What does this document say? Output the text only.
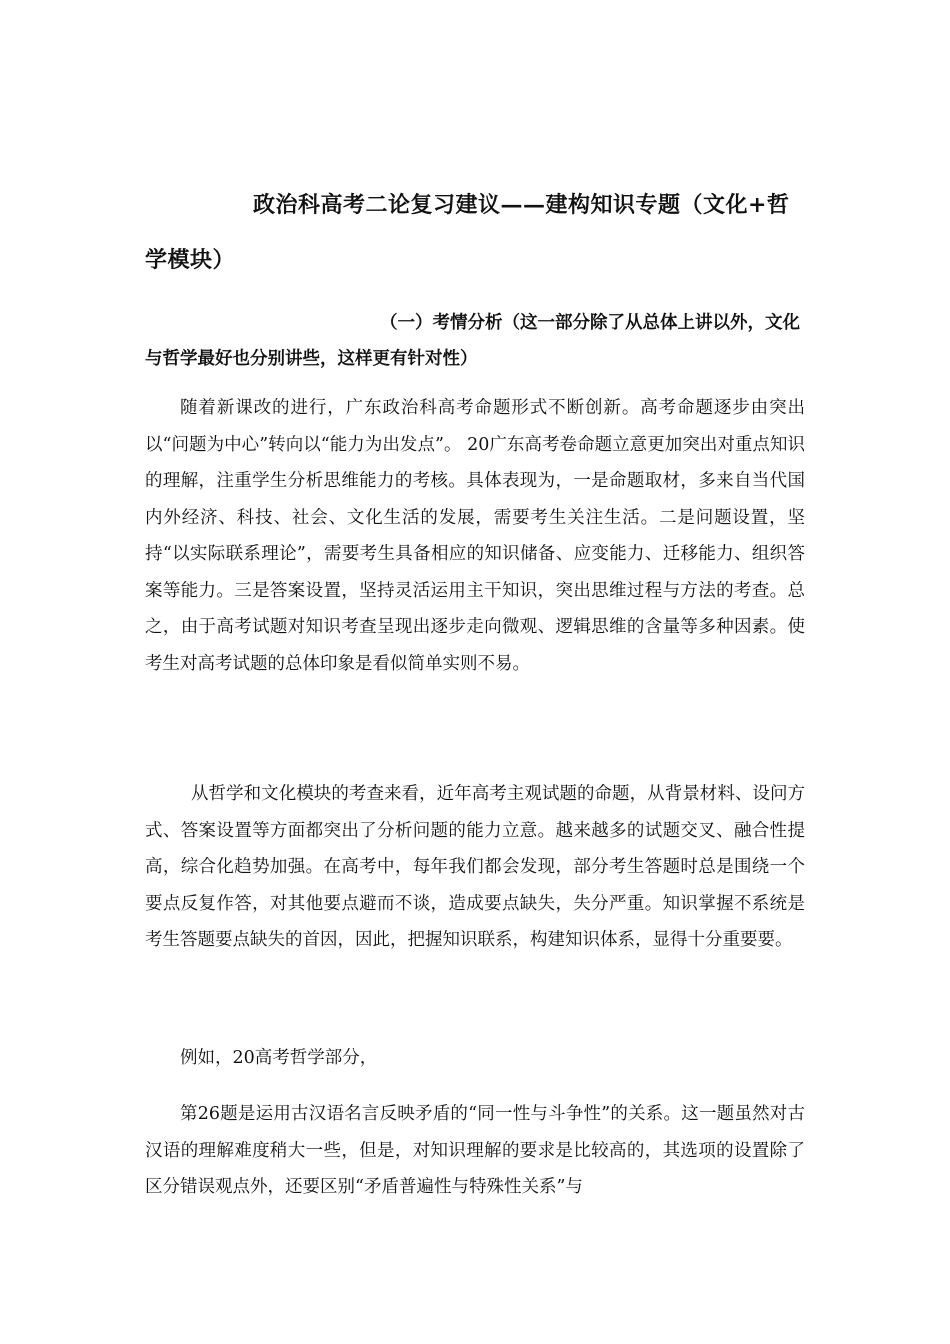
政治科高考二论复习建议——建构知识专题（文化+哲学模块）
（一）考情分析（这一部分除了从总体上讲以外，文化与哲学最好也分别讲些，这样更有针对性）

随着新课改的进行，广东政治科高考命题形式不断创新。高考命题逐步由突出以“问题为中心”转向以“能力为出发点”。 20广东高考卷命题立意更加突出对重点知识的理解，注重学生分析思维能力的考核。具体表现为，一是命题取材，多来自当代国内外经济、科技、社会、文化生活的发展，需要考生关注生活。二是问题设置，坚持“以实际联系理论”，需要考生具备相应的知识储备、应变能力、迁移能力、组织答案等能力。三是答案设置，坚持灵活运用主干知识，突出思维过程与方法的考查。总之，由于高考试题对知识考查呈现出逐步走向微观、逻辑思维的含量等多种因素。使考生对高考试题的总体印象是看似简单实则不易。

从哲学和文化模块的考查来看，近年高考主观试题的命题，从背景材料、设问方式、答案设置等方面都突出了分析问题的能力立意。越来越多的试题交叉、融合性提高，综合化趋势加强。在高考中，每年我们都会发现，部分考生答题时总是围绕一个要点反复作答，对其他要点避而不谈，造成要点缺失，失分严重。知识掌握不系统是考生答题要点缺失的首因，因此，把握知识联系，构建知识体系，显得十分重要要。

例如，20高考哲学部分，

第26题是运用古汉语名言反映矛盾的“同一性与斗争性”的关系。这一题虽然对古汉语的理解难度稍大一些，但是，对知识理解的要求是比较高的，其选项的设置除了区分错误观点外，还要区别“矛盾普遍性与特殊性关系”与
